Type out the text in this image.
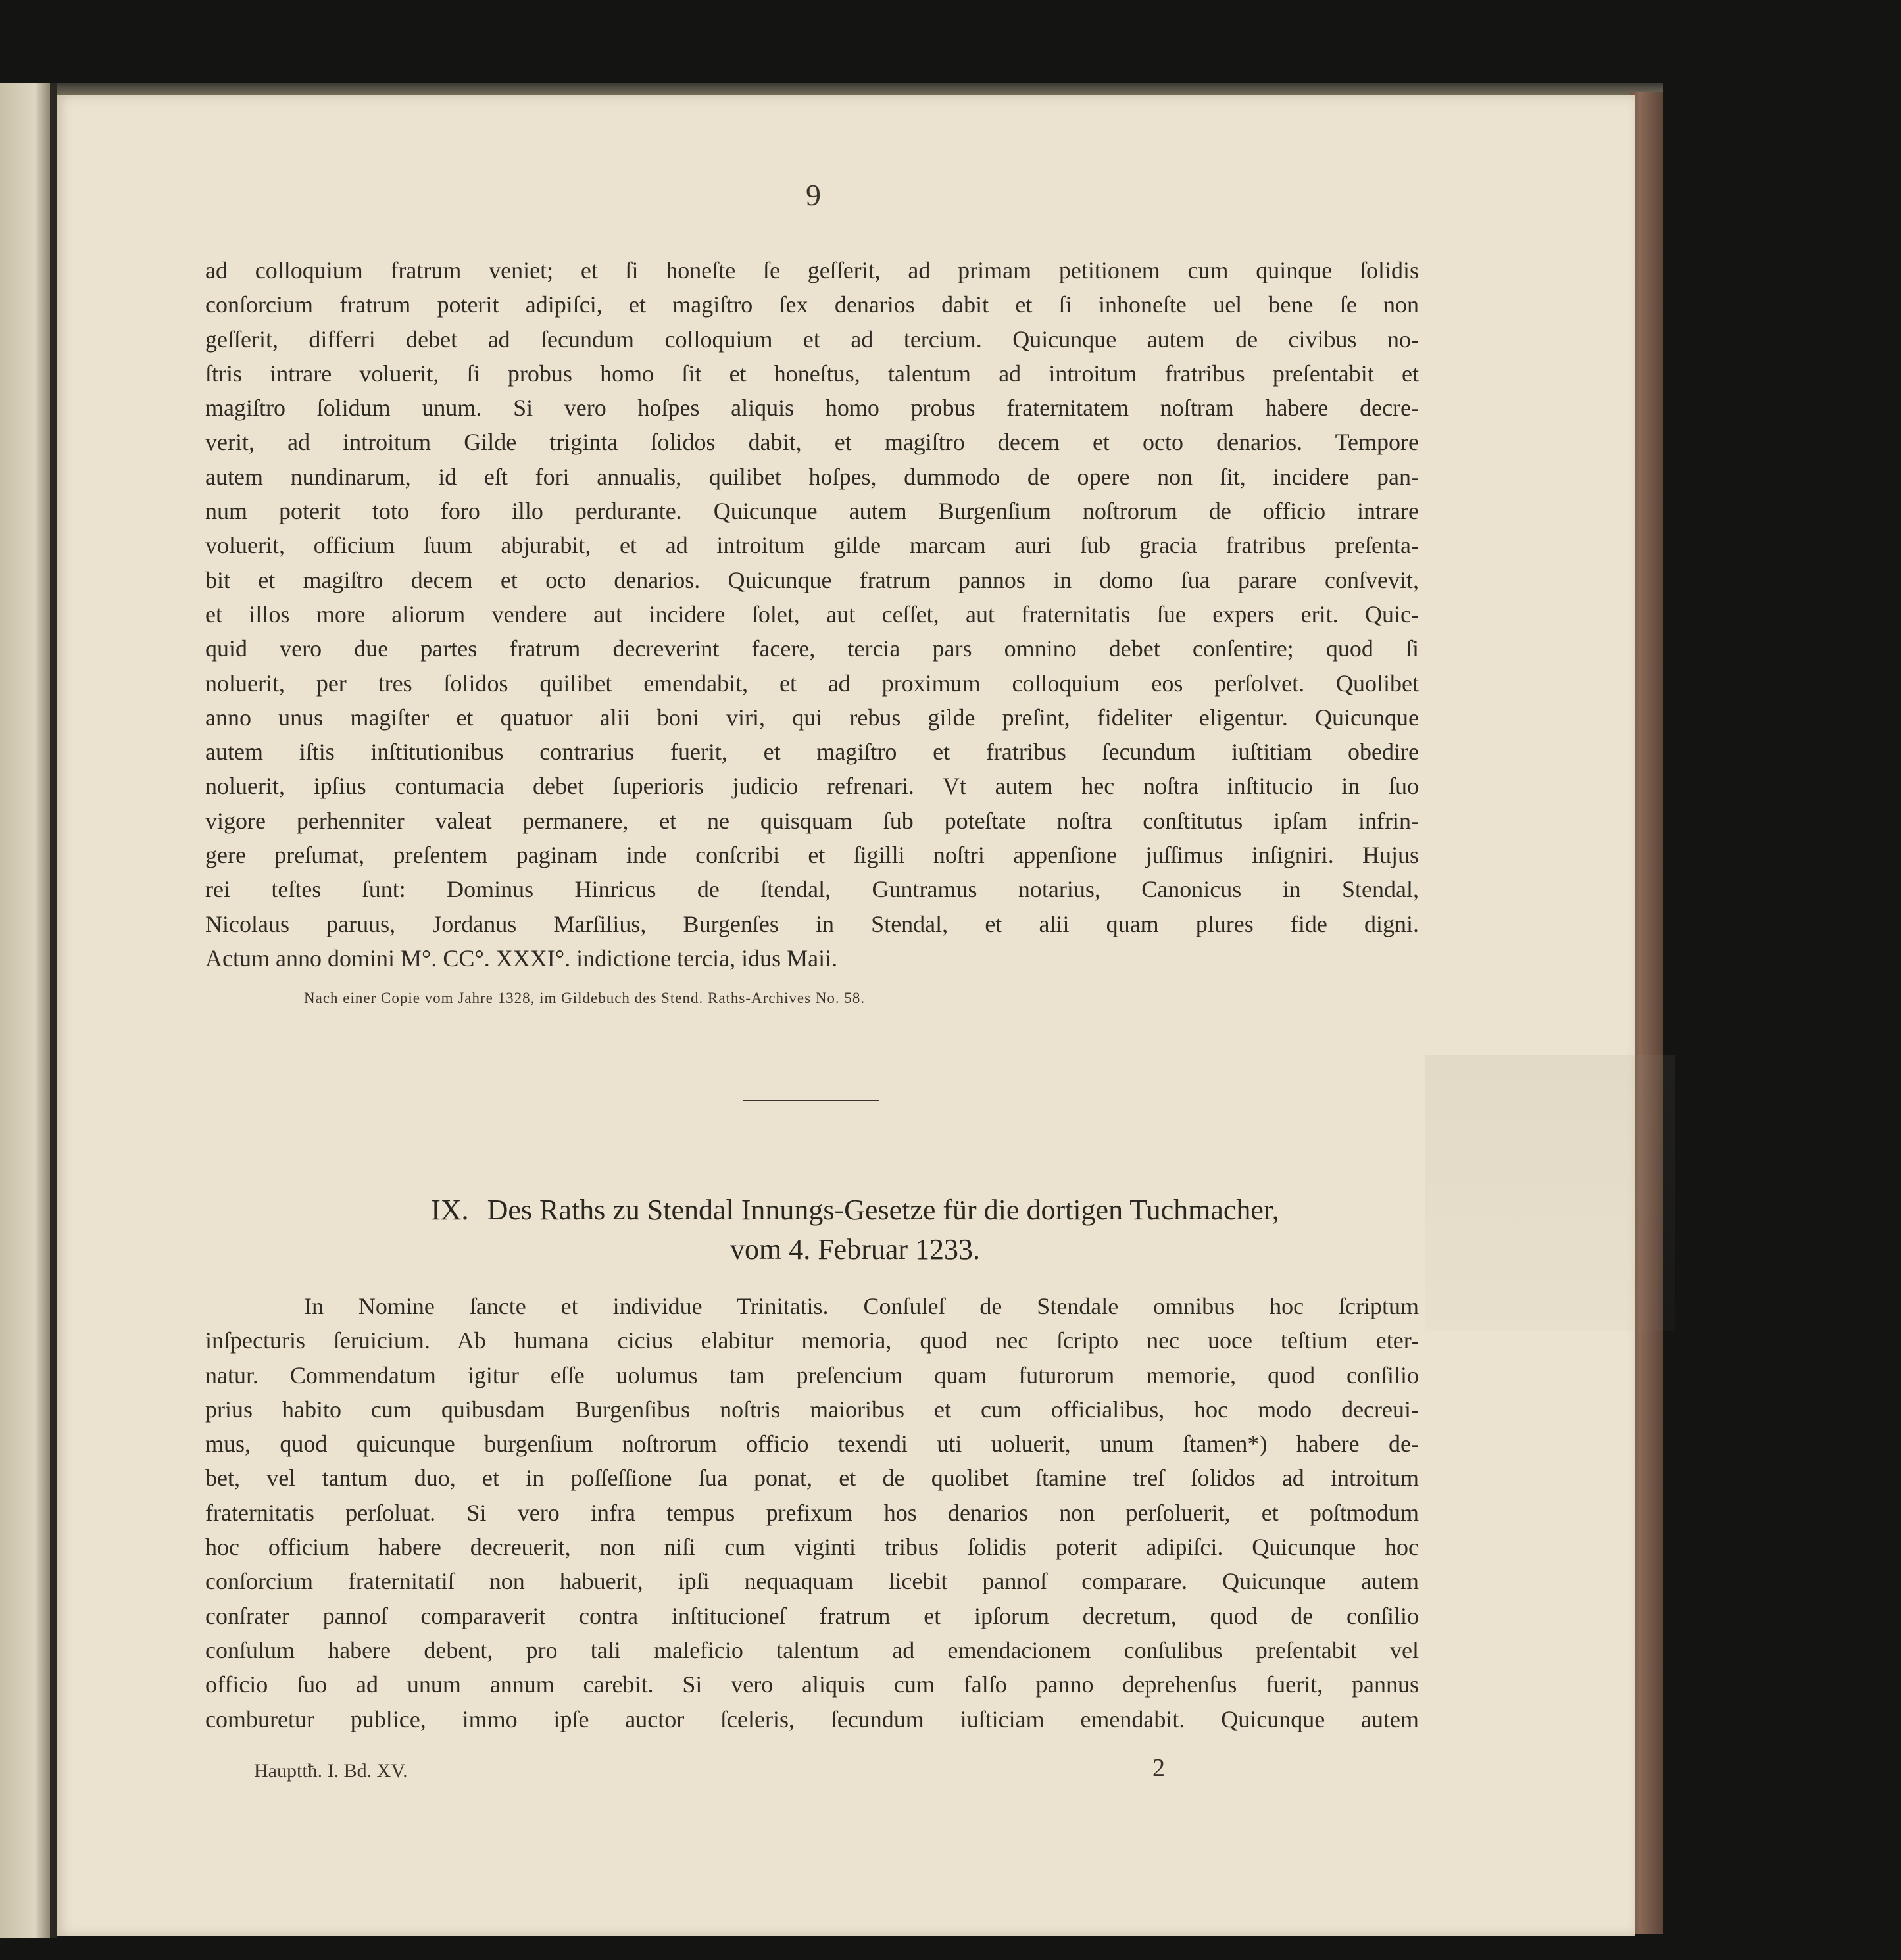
9
ad colloquium fratrum veniet; et ſi honeſte ſe geſſerit, ad primam petitionem cum quinque ſolidis
conſorcium fratrum poterit adipiſci, et magiſtro ſex denarios dabit et ſi inhoneſte uel bene ſe non
geſſerit, differri debet ad ſecundum colloquium et ad tercium. Quicunque autem de civibus no-
ſtris intrare voluerit, ſi probus homo ſit et honeſtus, talentum ad introitum fratribus preſentabit et
magiſtro ſolidum unum. Si vero hoſpes aliquis homo probus fraternitatem noſtram habere decre-
verit, ad introitum Gilde triginta ſolidos dabit, et magiſtro decem et octo denarios. Tempore
autem nundinarum, id eſt fori annualis, quilibet hoſpes, dummodo de opere non ſit, incidere pan-
num poterit toto foro illo perdurante. Quicunque autem Burgenſium noſtrorum de officio intrare
voluerit, officium ſuum abjurabit, et ad introitum gilde marcam auri ſub gracia fratribus preſenta-
bit et magiſtro decem et octo denarios. Quicunque fratrum pannos in domo ſua parare conſvevit,
et illos more aliorum vendere aut incidere ſolet, aut ceſſet, aut fraternitatis ſue expers erit. Quic-
quid vero due partes fratrum decreverint facere, tercia pars omnino debet conſentire; quod ſi
noluerit, per tres ſolidos quilibet emendabit, et ad proximum colloquium eos perſolvet. Quolibet
anno unus magiſter et quatuor alii boni viri, qui rebus gilde preſint, fideliter eligentur. Quicunque
autem iſtis inſtitutionibus contrarius fuerit, et magiſtro et fratribus ſecundum iuſtitiam obedire
noluerit, ipſius contumacia debet ſuperioris judicio refrenari. Vt autem hec noſtra inſtitucio in ſuo
vigore perhenniter valeat permanere, et ne quisquam ſub poteſtate noſtra conſtitutus ipſam infrin-
gere preſumat, preſentem paginam inde conſcribi et ſigilli noſtri appenſione juſſimus inſigniri. Hujus
rei teſtes ſunt: Dominus Hinricus de ſtendal, Guntramus notarius, Canonicus in Stendal,
Nicolaus paruus, Jordanus Marſilius, Burgenſes in Stendal, et alii quam plures fide digni.
Actum anno domini M°. CC°. XXXI°. indictione tercia, idus Maii.
Nach einer Copie vom Jahre 1328, im Gildebuch des Stend. Raths-Archives No. 58.
IX. Des Raths zu Stendal Innungs-Gesetze für die dortigen Tuchmacher,
vom 4. Februar 1233.
In Nomine ſancte et individue Trinitatis. Conſuleſ de Stendale omnibus hoc ſcriptum
inſpecturis ſeruicium. Ab humana cicius elabitur memoria, quod nec ſcripto nec uoce teſtium eter-
natur. Commendatum igitur eſſe uolumus tam preſencium quam futurorum memorie, quod conſilio
prius habito cum quibusdam Burgenſibus noſtris maioribus et cum officialibus, hoc modo decreui-
mus, quod quicunque burgenſium noſtrorum officio texendi uti uoluerit, unum ſtamen*) habere de-
bet, vel tantum duo, et in poſſeſſione ſua ponat, et de quolibet ſtamine treſ ſolidos ad introitum
fraternitatis perſoluat. Si vero infra tempus prefixum hos denarios non perſoluerit, et poſtmodum
hoc officium habere decreuerit, non niſi cum viginti tribus ſolidis poterit adipiſci. Quicunque hoc
conſorcium fraternitatiſ non habuerit, ipſi nequaquam licebit pannoſ comparare. Quicunque autem
conſrater pannoſ comparaverit contra inſtitucioneſ fratrum et ipſorum decretum, quod de conſilio
conſulum habere debent, pro tali maleficio talentum ad emendacionem conſulibus preſentabit vel
officio ſuo ad unum annum carebit. Si vero aliquis cum falſo panno deprehenſus fuerit, pannus
comburetur publice, immo ipſe auctor ſceleris, ſecundum iuſticiam emendabit. Quicunque autem
Haupttħ. I. Bd. XV.	2
